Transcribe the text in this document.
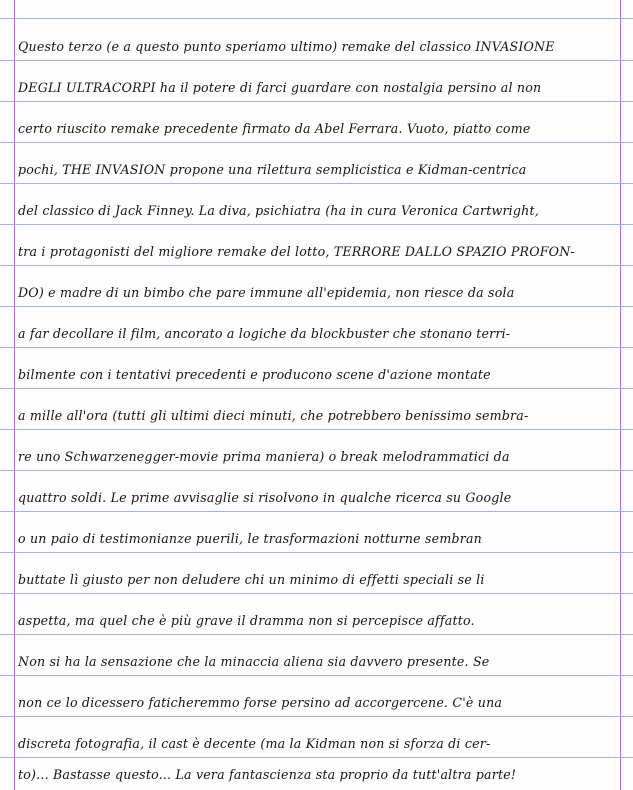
Questo terzo (e a questo punto speriamo ultimo) remake del classico INVASIONE
DEGLI ULTRACORPI ha il potere di farci guardare con nostalgia persino al non
certo riuscito remake precedente firmato da Abel Ferrara. Vuoto, piatto come
pochi, THE INVASION propone una rilettura semplicistica e Kidman-centrica
del classico di Jack Finney. La diva, psichiatra (ha in cura Veronica Cartwright,
tra i protagonisti del migliore remake del lotto, TERRORE DALLO SPAZIO PROFON-
DO) e madre di un bimbo che pare immune all'epidemia, non riesce da sola
a far decollare il film, ancorato a logiche da blockbuster che stonano terri-
bilmente con i tentativi precedenti e producono scene d'azione montate
a mille all'ora (tutti gli ultimi dieci minuti, che potrebbero benissimo sembra-
re uno Schwarzenegger-movie prima maniera) o break melodrammatici da
quattro soldi. Le prime avvisaglie si risolvono in qualche ricerca su Google
o un paio di testimonianze puerili, le trasformazioni notturne sembran
buttate lì giusto per non deludere chi un minimo di effetti speciali se li
aspetta, ma quel che è più grave il dramma non si percepisce affatto.
Non si ha la sensazione che la minaccia aliena sia davvero presente. Se
non ce lo dicessero faticheremmo forse persino ad accorgercene. C'è una
discreta fotografia, il cast è decente (ma la Kidman non si sforza di cer-
to)... Bastasse questo... La vera fantascienza sta proprio da tutt'altra parte!
